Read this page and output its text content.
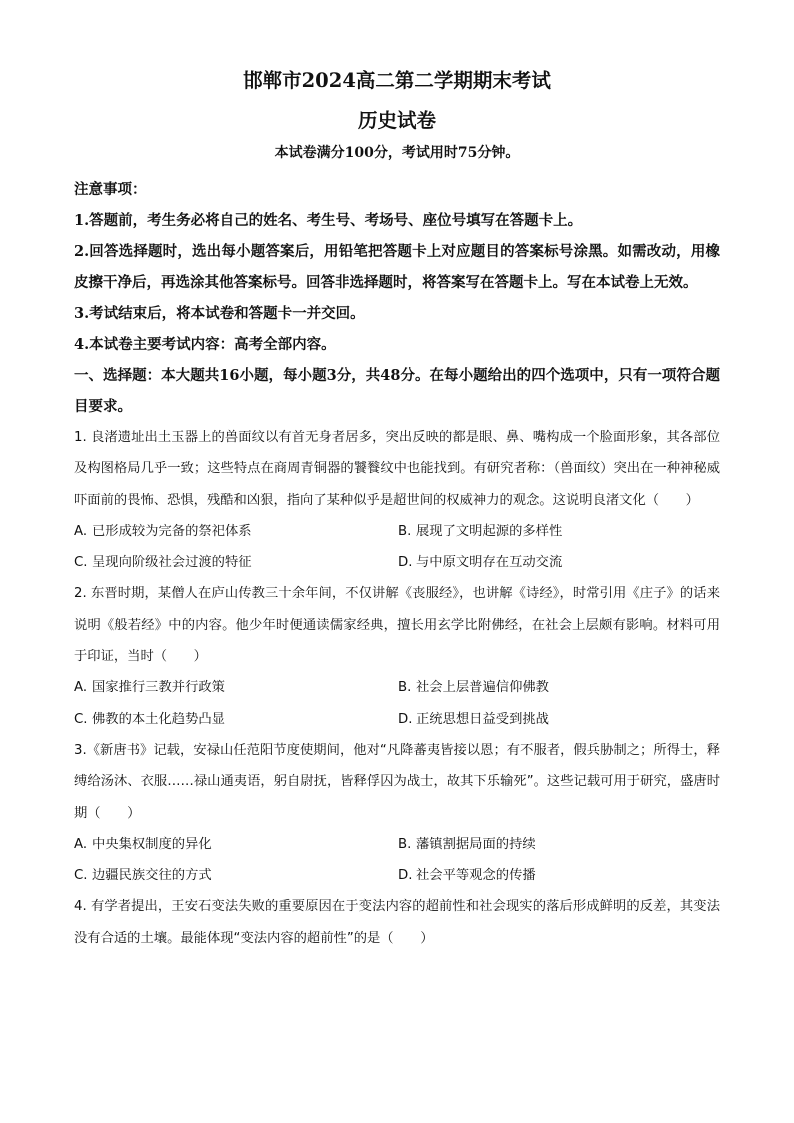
邯郸市2024高二第二学期期末考试
历史试卷
本试卷满分100分，考试用时75分钟。
注意事项：
1.答题前，考生务必将自己的姓名、考生号、考场号、座位号填写在答题卡上。
2.回答选择题时，选出每小题答案后，用铅笔把答题卡上对应题目的答案标号涂黑。如需改动，用橡皮擦干净后，再选涂其他答案标号。回答非选择题时，将答案写在答题卡上。写在本试卷上无效。
3.考试结束后，将本试卷和答题卡一并交回。
4.本试卷主要考试内容：高考全部内容。
一、选择题：本大题共16小题，每小题3分，共48分。在每小题给出的四个选项中，只有一项符合题目要求。
1. 良渚遗址出土玉器上的兽面纹以有首无身者居多，突出反映的都是眼、鼻、嘴构成一个脸面形象，其各部位及构图格局几乎一致；这些特点在商周青铜器的饕餮纹中也能找到。有研究者称：（兽面纹）突出在一种神秘威吓面前的畏怖、恐惧，残酷和凶狠，指向了某种似乎是超世间的权威神力的观念。这说明良渚文化（　　）
A. 已形成较为完备的祭祀体系	B. 展现了文明起源的多样性
C. 呈现向阶级社会过渡的特征	D. 与中原文明存在互动交流
2. 东晋时期，某僧人在庐山传教三十余年间，不仅讲解《丧服经》，也讲解《诗经》，时常引用《庄子》的话来说明《般若经》中的内容。他少年时便通读儒家经典，擅长用玄学比附佛经，在社会上层颇有影响。材料可用于印证，当时（　　）
A. 国家推行三教并行政策	B. 社会上层普遍信仰佛教
C. 佛教的本土化趋势凸显	D. 正统思想日益受到挑战
3.《新唐书》记载，安禄山任范阳节度使期间，他对“凡降蕃夷皆接以恩；有不服者，假兵胁制之；所得士，释缚给汤沐、衣服……禄山通夷语，躬自尉抚，皆释俘囚为战士，故其下乐输死”。这些记载可用于研究，盛唐时期（　　）
A. 中央集权制度的异化	B. 藩镇割据局面的持续
C. 边疆民族交往的方式	D. 社会平等观念的传播
4. 有学者提出，王安石变法失败的重要原因在于变法内容的超前性和社会现实的落后形成鲜明的反差，其变法没有合适的土壤。最能体现“变法内容的超前性”的是（　　）
